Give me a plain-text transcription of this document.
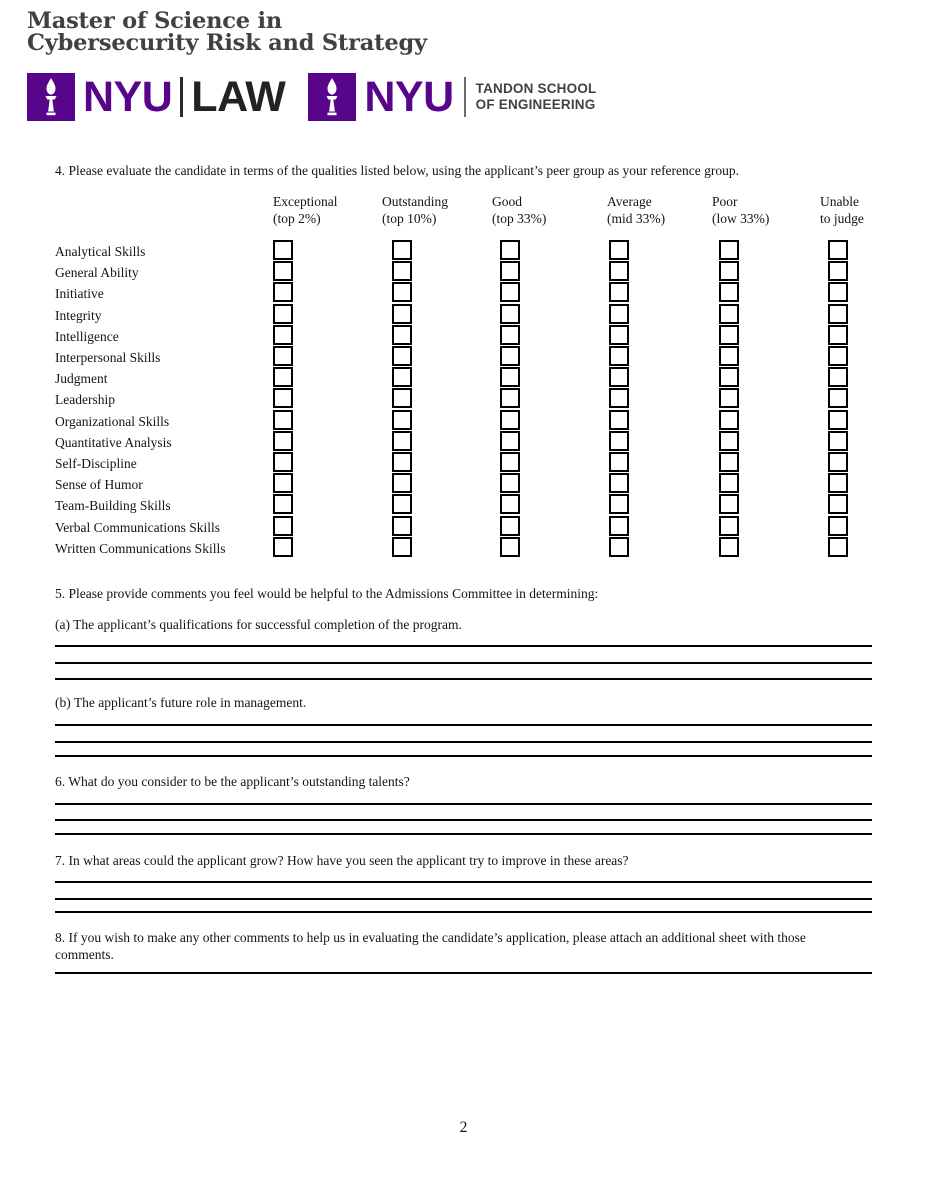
Master of Science in
Cybersecurity Risk and Strategy
NYU LAW NYU TANDON SCHOOL
OF ENGINEERING
4. Please evaluate the candidate in terms of the qualities listed below, using the applicant’s peer group as your reference group.
5. Please provide comments you feel would be helpful to the Admissions Committee in determining:
(a) The applicant’s qualifications for successful completion of the program.
(b) The applicant’s future role in management.
6. What do you consider to be the applicant’s outstanding talents?
7. In what areas could the applicant grow? How have you seen the applicant try to improve in these areas?
8. If you wish to make any other comments to help us in evaluating the candidate’s application, please attach an additional sheet with those comments.
2
Exceptional
(top 2%)
Outstanding
(top 10%)
Good
(top 33%)
Average
(mid 33%)
Poor
(low 33%)
Unable
to judge
Analytical Skills
General Ability
Initiative
Integrity
Intelligence
Interpersonal Skills
Judgment
Leadership
Organizational Skills
Quantitative Analysis
Self-Discipline
Sense of Humor
Team-Building Skills
Verbal Communications Skills
Written Communications Skills
